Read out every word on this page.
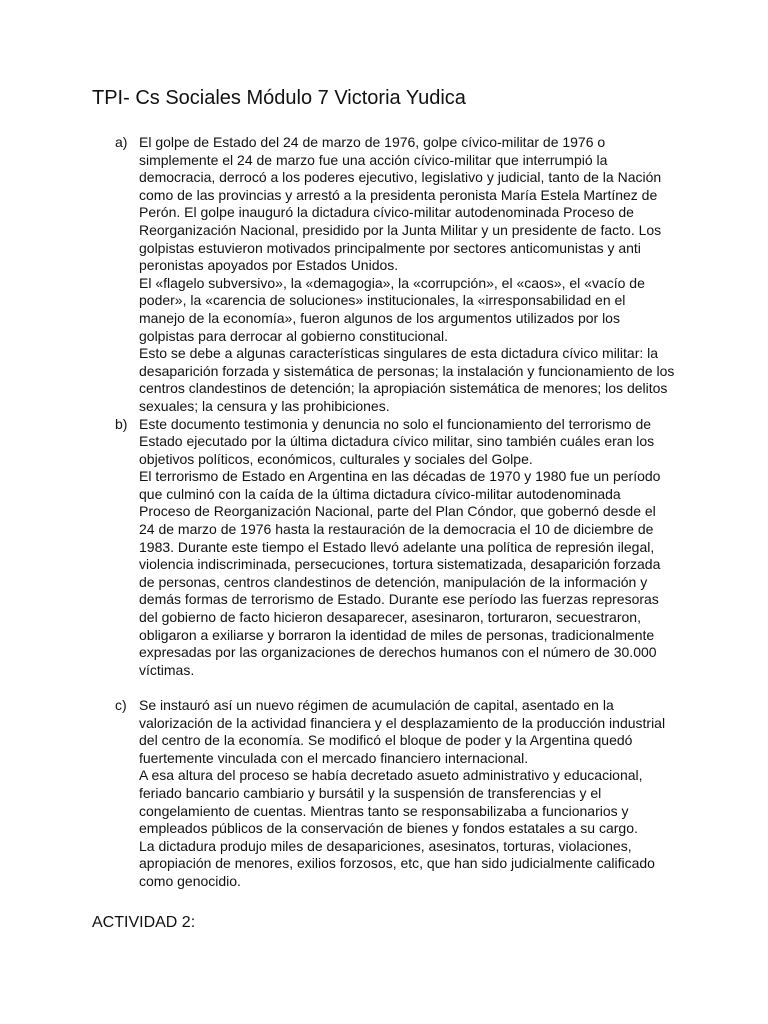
TPI- Cs Sociales Módulo 7 Victoria Yudica
a) El golpe de Estado del 24 de marzo de 1976, golpe cívico-militar de 1976 o simplemente el 24 de marzo fue una acción cívico-militar que interrumpió la democracia, derrocó a los poderes ejecutivo, legislativo y judicial, tanto de la Nación como de las provincias y arrestó a la presidenta peronista María Estela Martínez de Perón. El golpe inauguró la dictadura cívico-militar autodenominada Proceso de Reorganización Nacional, presidido por la Junta Militar y un presidente de facto. Los golpistas estuvieron motivados principalmente por sectores anticomunistas y anti peronistas apoyados por Estados Unidos.

El «flagelo subversivo», la «demagogia», la «corrupción», el «caos», el «vacío de poder», la «carencia de soluciones» institucionales, la «irresponsabilidad en el manejo de la economía», fueron algunos de los argumentos utilizados por los golpistas para derrocar al gobierno constitucional.

Esto se debe a algunas características singulares de esta dictadura cívico militar: la desaparición forzada y sistemática de personas; la instalación y funcionamiento de los centros clandestinos de detención; la apropiación sistemática de menores; los delitos sexuales; la censura y las prohibiciones.

b) Este documento testimonia y denuncia no solo el funcionamiento del terrorismo de Estado ejecutado por la última dictadura cívico militar, sino también cuáles eran los objetivos políticos, económicos, culturales y sociales del Golpe.

El terrorismo de Estado en Argentina en las décadas de 1970 y 1980 fue un período que culminó con la caída de la última dictadura cívico-militar autodenominada Proceso de Reorganización Nacional, parte del Plan Cóndor, que gobernó desde el 24 de marzo de 1976 hasta la restauración de la democracia el 10 de diciembre de 1983. Durante este tiempo el Estado llevó adelante una política de represión ilegal, violencia indiscriminada, persecuciones, tortura sistematizada, desaparición forzada de personas, centros clandestinos de detención, manipulación de la información y demás formas de terrorismo de Estado. Durante ese período las fuerzas represoras del gobierno de facto hicieron desaparecer, asesinaron, torturaron, secuestraron, obligaron a exiliarse y borraron la identidad de miles de personas, tradicionalmente expresadas por las organizaciones de derechos humanos con el número de 30.000 víctimas.

c) Se instauró así un nuevo régimen de acumulación de capital, asentado en la valorización de la actividad financiera y el desplazamiento de la producción industrial del centro de la economía. Se modificó el bloque de poder y la Argentina quedó fuertemente vinculada con el mercado financiero internacional.

A esa altura del proceso se había decretado asueto administrativo y educacional, feriado bancario cambiario y bursátil y la suspensión de transferencias y el congelamiento de cuentas. Mientras tanto se responsabilizaba a funcionarios y empleados públicos de la conservación de bienes y fondos estatales a su cargo.

La dictadura produjo miles de desapariciones, asesinatos, torturas, violaciones, apropiación de menores, exilios forzosos, etc, que han sido judicialmente calificado como genocidio.

ACTIVIDAD 2:
